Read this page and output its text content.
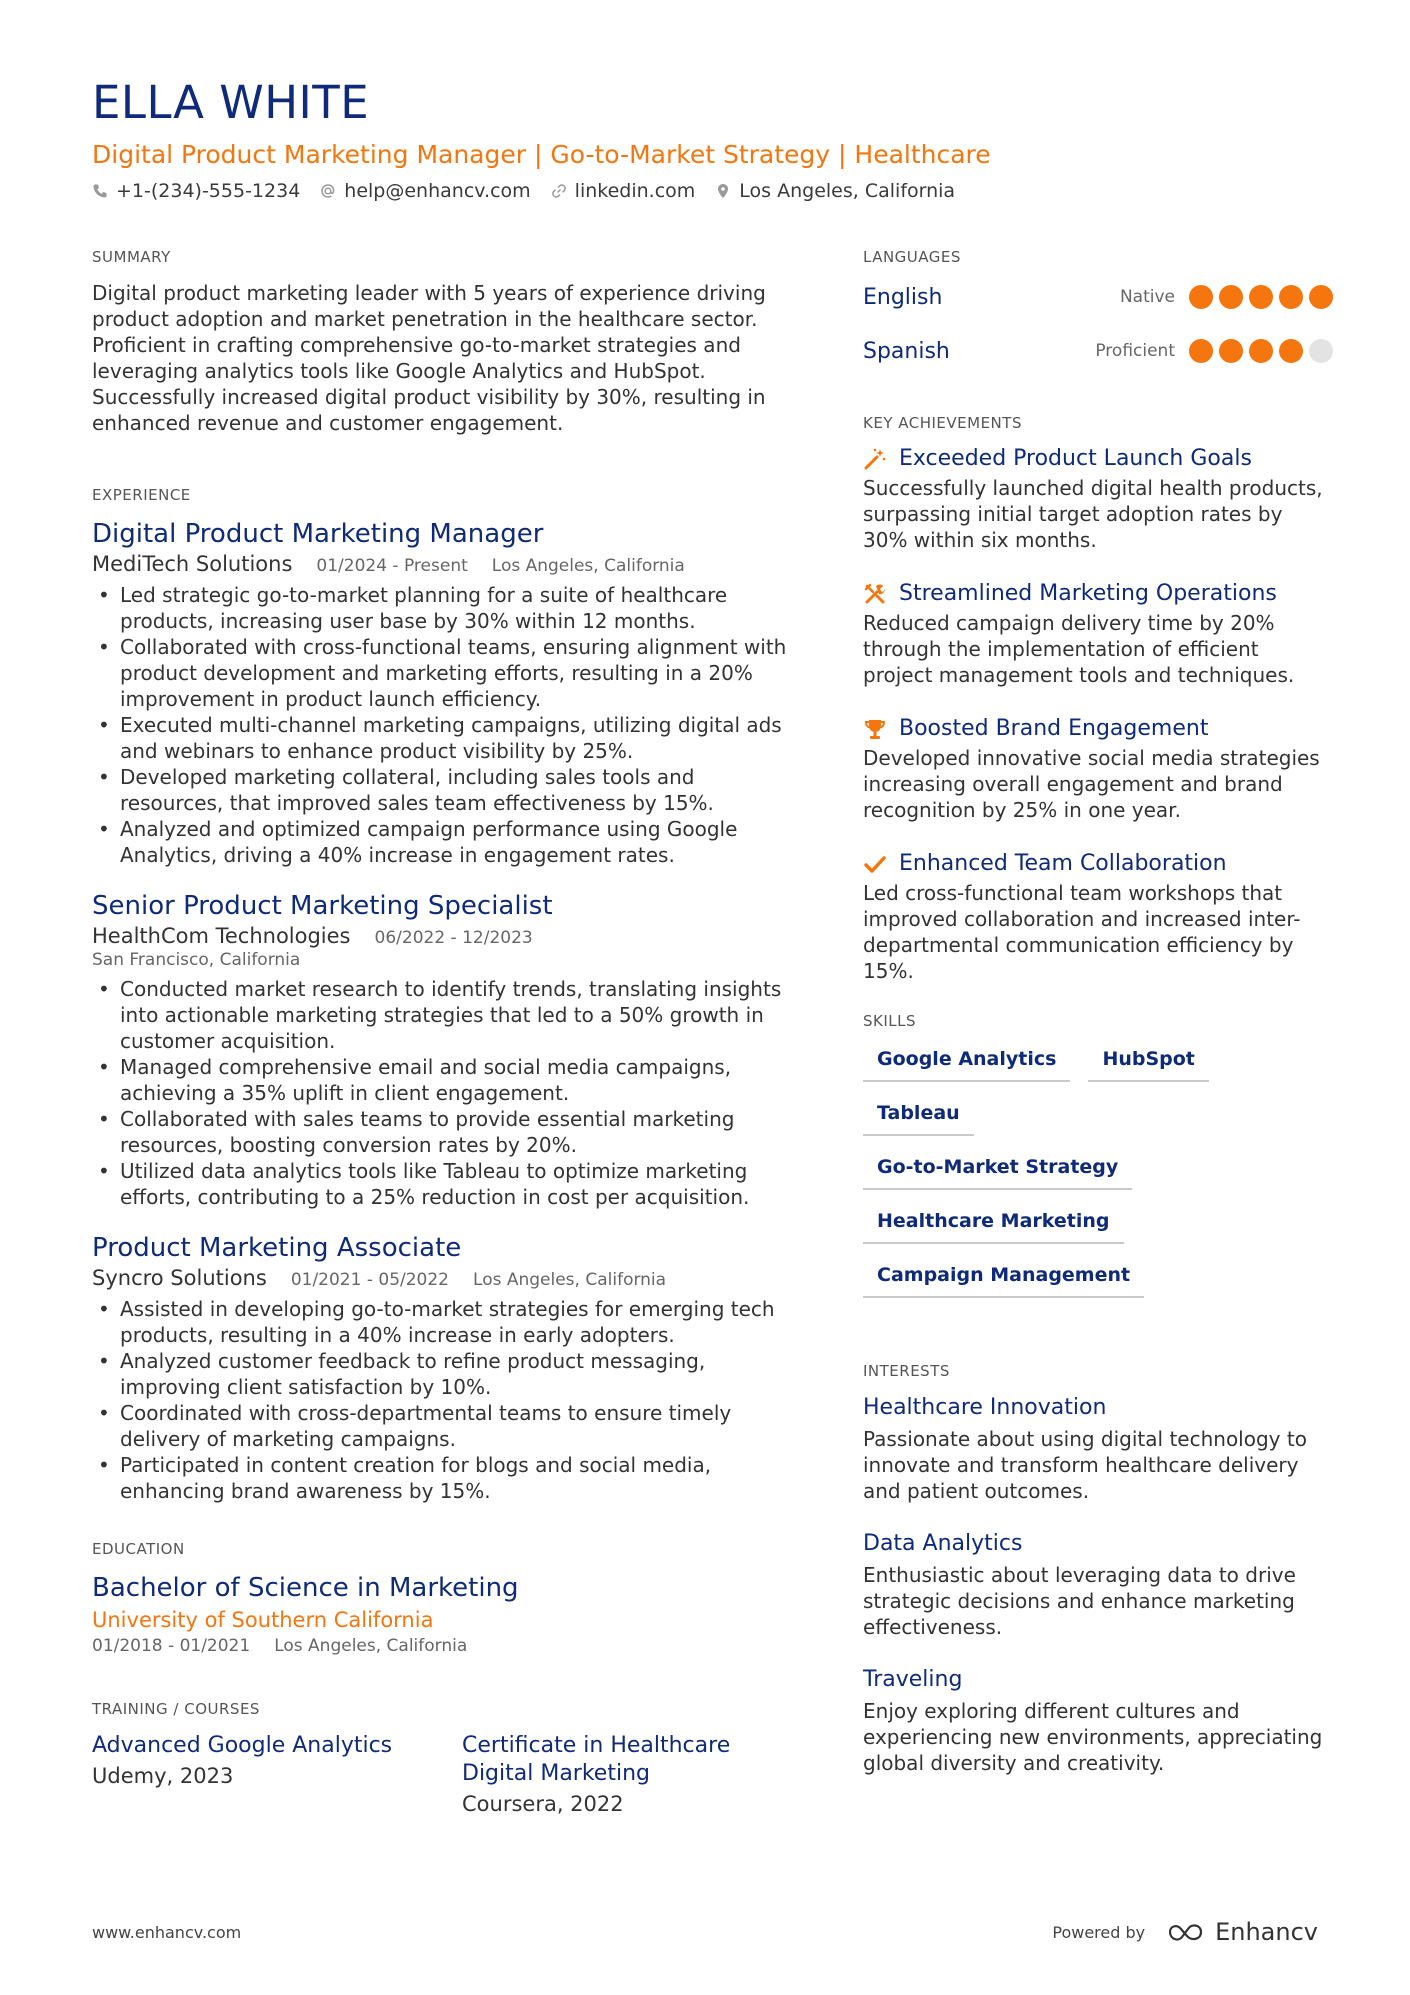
ELLA WHITE
Digital Product Marketing Manager | Go-to-Market Strategy | Healthcare
+1-(234)-555-1234 help@enhancv.com linkedin.com Los Angeles, California
SUMMARY
Digital product marketing leader with 5 years of experience driving product adoption and market penetration in the healthcare sector. Proficient in crafting comprehensive go-to-market strategies and leveraging analytics tools like Google Analytics and HubSpot. Successfully increased digital product visibility by 30%, resulting in enhanced revenue and customer engagement.
EXPERIENCE
Digital Product Marketing Manager
MediTech Solutions 01/2024 - Present Los Angeles, California
• Led strategic go-to-market planning for a suite of healthcare products, increasing user base by 30% within 12 months.
• Collaborated with cross-functional teams, ensuring alignment with product development and marketing efforts, resulting in a 20% improvement in product launch efficiency.
• Executed multi-channel marketing campaigns, utilizing digital ads and webinars to enhance product visibility by 25%.
• Developed marketing collateral, including sales tools and resources, that improved sales team effectiveness by 15%.
• Analyzed and optimized campaign performance using Google Analytics, driving a 40% increase in engagement rates.
Senior Product Marketing Specialist
HealthCom Technologies 06/2022 - 12/2023
San Francisco, California
• Conducted market research to identify trends, translating insights into actionable marketing strategies that led to a 50% growth in customer acquisition.
• Managed comprehensive email and social media campaigns, achieving a 35% uplift in client engagement.
• Collaborated with sales teams to provide essential marketing resources, boosting conversion rates by 20%.
• Utilized data analytics tools like Tableau to optimize marketing efforts, contributing to a 25% reduction in cost per acquisition.
Product Marketing Associate
Syncro Solutions 01/2021 - 05/2022 Los Angeles, California
• Assisted in developing go-to-market strategies for emerging tech products, resulting in a 40% increase in early adopters.
• Analyzed customer feedback to refine product messaging, improving client satisfaction by 10%.
• Coordinated with cross-departmental teams to ensure timely delivery of marketing campaigns.
• Participated in content creation for blogs and social media, enhancing brand awareness by 15%.
EDUCATION
Bachelor of Science in Marketing
University of Southern California
01/2018 - 01/2021 Los Angeles, California
TRAINING / COURSES
Advanced Google Analytics
Udemy, 2023
Certificate in Healthcare Digital Marketing
Coursera, 2022
LANGUAGES
English	Native
Spanish	Proficient
KEY ACHIEVEMENTS
Exceeded Product Launch Goals
Successfully launched digital health products, surpassing initial target adoption rates by 30% within six months.
Streamlined Marketing Operations
Reduced campaign delivery time by 20% through the implementation of efficient project management tools and techniques.
Boosted Brand Engagement
Developed innovative social media strategies increasing overall engagement and brand recognition by 25% in one year.
Enhanced Team Collaboration
Led cross-functional team workshops that improved collaboration and increased inter-departmental communication efficiency by 15%.
SKILLS
Google Analytics	HubSpot
Tableau
Go-to-Market Strategy
Healthcare Marketing
Campaign Management
INTERESTS
Healthcare Innovation
Passionate about using digital technology to innovate and transform healthcare delivery and patient outcomes.
Data Analytics
Enthusiastic about leveraging data to drive strategic decisions and enhance marketing effectiveness.
Traveling
Enjoy exploring different cultures and experiencing new environments, appreciating global diversity and creativity.
www.enhancv.com	Powered by	Enhancv
